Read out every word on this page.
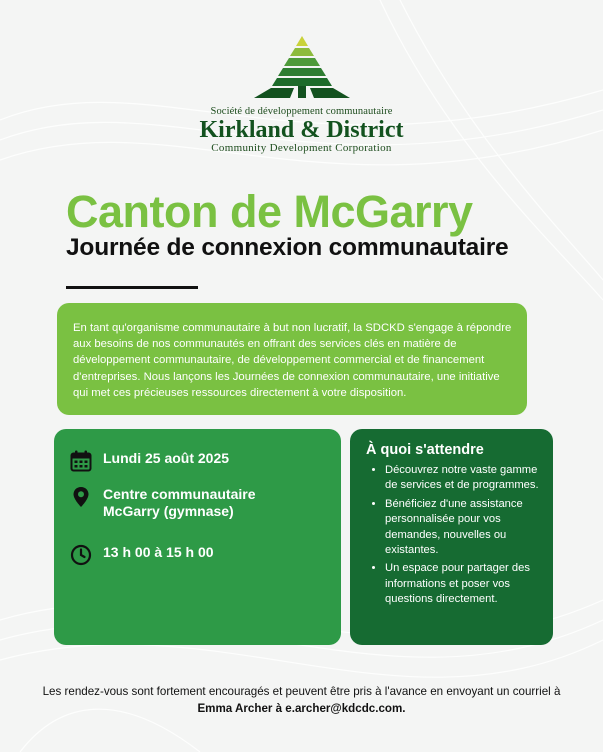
Société de développement communautaire
Kirkland & District
Community Development Corporation
Canton de McGarry
Journée de connexion communautaire
En tant qu'organisme communautaire à but non lucratif, la SDCKD s'engage à répondre aux besoins de nos communautés en offrant des services clés en matière de développement communautaire, de développement commercial et de financement d'entreprises. Nous lançons les Journées de connexion communautaire, une initiative qui met ces précieuses ressources directement à votre disposition.
Lundi 25 août 2025
Centre communautaire
McGarry (gymnase)
13 h 00 à 15 h 00
À quoi s'attendre
• Découvrez notre vaste gamme de services et de programmes.
• Bénéficiez d'une assistance personnalisée pour vos demandes, nouvelles ou existantes.
• Un espace pour partager des informations et poser vos questions directement.
Les rendez-vous sont fortement encouragés et peuvent être pris à l'avance en envoyant un courriel à Emma Archer à e.archer@kdcdc.com.
